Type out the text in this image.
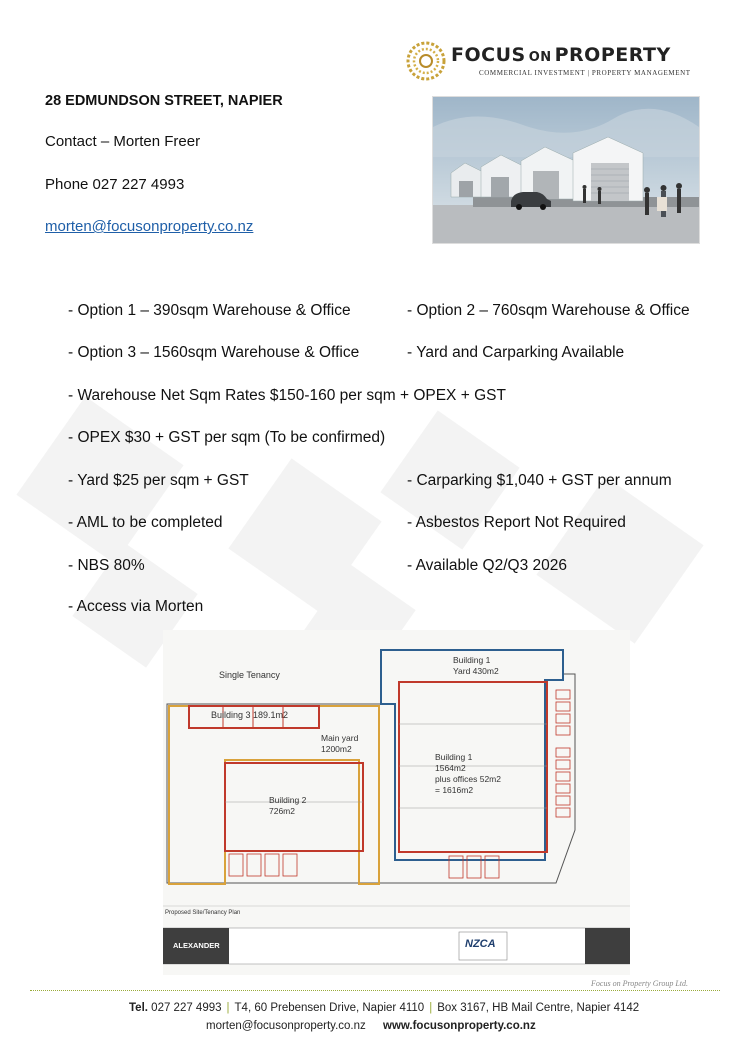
FOCUS ON PROPERTY
COMMERCIAL INVESTMENT | PROPERTY MANAGEMENT
28 EDMUNDSON STREET, NAPIER
Contact – Morten Freer
Phone 027 227 4993
morten@focusonproperty.co.nz
- Option 1 – 390sqm Warehouse & Office	- Option 2 – 760sqm Warehouse & Office
- Option 3 – 1560sqm Warehouse & Office	- Yard and Carparking Available
- Warehouse Net Sqm Rates $150-160 per sqm + OPEX + GST
- OPEX $30 + GST per sqm (To be confirmed)
- Yard $25 per sqm + GST	- Carparking $1,040 + GST per annum
- AML to be completed	- Asbestos Report Not Required
- NBS 80%	- Available Q2/Q3 2026
- Access via Morten
Single Tenancy
Building 1
Yard 430m2
Building 3 189.1m2
Main yard
1200m2
Building 1
1564m2
plus offices 52m2
= 1616m2
Building 2
726m2
Proposed Site/Tenancy Plan
ALEXANDER	NZCA
Focus on Property Group Ltd.
Tel. 027 227 4993 | T4, 60 Prebensen Drive, Napier 4110 | Box 3167, HB Mail Centre, Napier 4142
morten@focusonproperty.co.nz www.focusonproperty.co.nz
